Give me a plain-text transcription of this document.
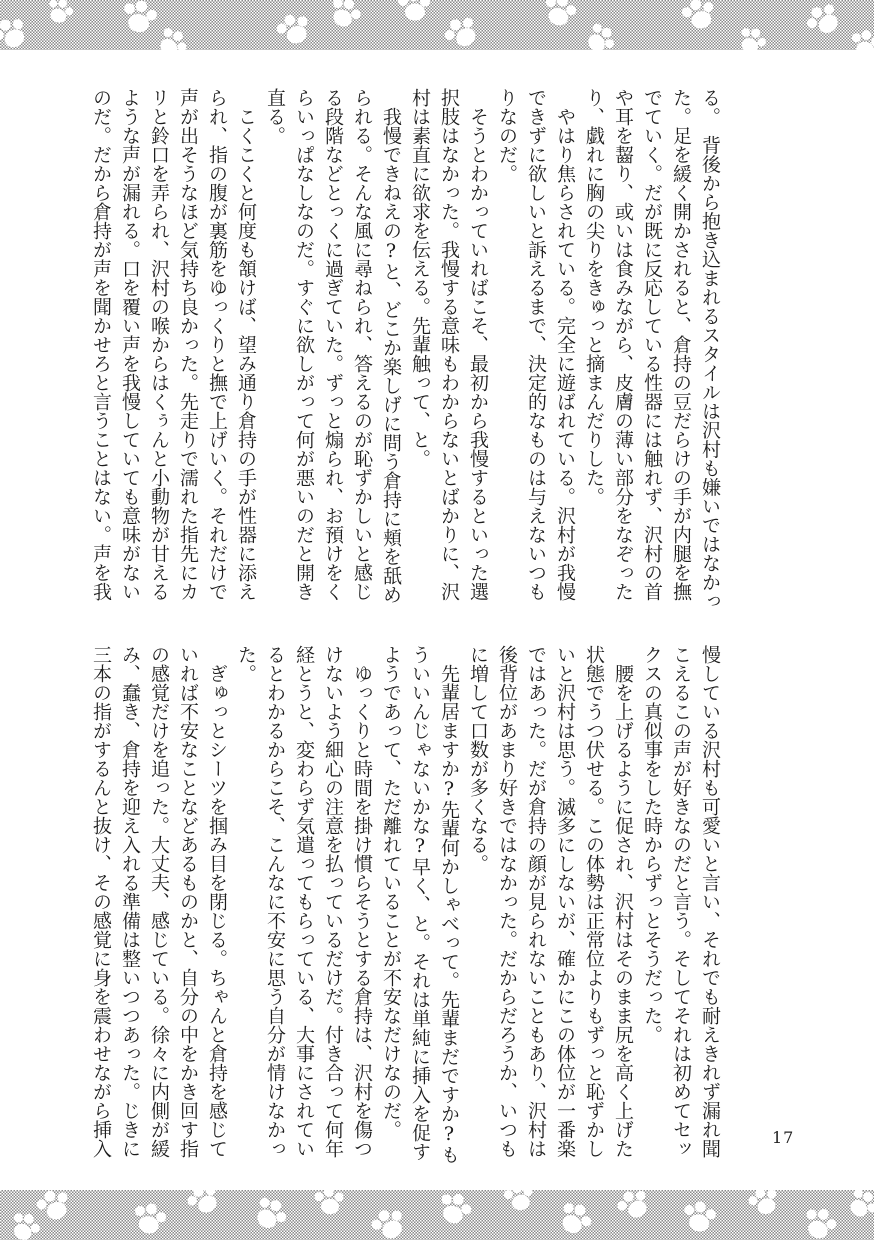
る。　背後から抱き込まれるスタイルは沢村も嫌いではなかっ
た。足を緩く開かされると、倉持の豆だらけの手が内腿を撫
でていく。だが既に反応している性器には触れず、沢村の首
や耳を齧り、或いは食みながら、皮膚の薄い部分をなぞった
り、戯れに胸の尖りをきゅっと摘まんだりした。
　やはり焦らされている。完全に遊ばれている。沢村が我慢
できずに欲しいと訴えるまで、決定的なものは与えないつも
りなのだ。
　そうとわかっていればこそ、最初から我慢するといった選
択肢はなかった。我慢する意味もわからないとばかりに、沢
村は素直に欲求を伝える。先輩触って、と。
　我慢できねえの?と、どこか楽しげに問う倉持に頬を舐め
られる。そんな風に尋ねられ、答えるのが恥ずかしいと感じ
る段階などとっくに過ぎていた。ずっと煽られ、お預けをく
らいっぱなしなのだ。すぐに欲しがって何が悪いのだと開き
直る。
　こくこくと何度も頷けば、望み通り倉持の手が性器に添え
られ、指の腹が裏筋をゆっくりと撫で上げいく。それだけで
声が出そうなほど気持ち良かった。先走りで濡れた指先にカ
リと鈴口を弄られ、沢村の喉からはくぅんと小動物が甘える
ような声が漏れる。口を覆い声を我慢していても意味がない
のだ。だから倉持が声を聞かせろと言うことはない。声を我
慢している沢村も可愛いと言い、それでも耐えきれず漏れ聞
こえるこの声が好きなのだと言う。そしてそれは初めてセッ
クスの真似事をした時からずっとそうだった。
　腰を上げるように促され、沢村はそのまま尻を高く上げた
状態でうつ伏せる。この体勢は正常位よりもずっと恥ずかし
いと沢村は思う。滅多にしないが、確かにこの体位が一番楽
ではあった。だが倉持の顔が見られないこともあり、沢村は
後背位があまり好きではなかった。だからだろうか、いつも
に増して口数が多くなる。
　先輩居ますか?先輩何かしゃべって。先輩まだですか?も
ういいんじゃないかな?早く、と。それは単純に挿入を促す
ようであって、ただ離れていることが不安なだけなのだ。
　ゆっくりと時間を掛け慣らそうとする倉持は、沢村を傷つ
けないよう細心の注意を払っているだけだ。付き合って何年
経とうと、変わらず気遣ってもらっている、大事にされてい
るとわかるからこそ、こんなに不安に思う自分が情けなかっ
た。
　ぎゅっとシーツを掴み目を閉じる。ちゃんと倉持を感じて
いれば不安なことなどあるものかと、自分の中をかき回す指
の感覚だけを追った。大丈夫、感じている。徐々に内側が緩
み、蠢き、倉持を迎え入れる準備は整いつつあった。じきに
三本の指がするんと抜け、その感覚に身を震わせながら挿入	17
